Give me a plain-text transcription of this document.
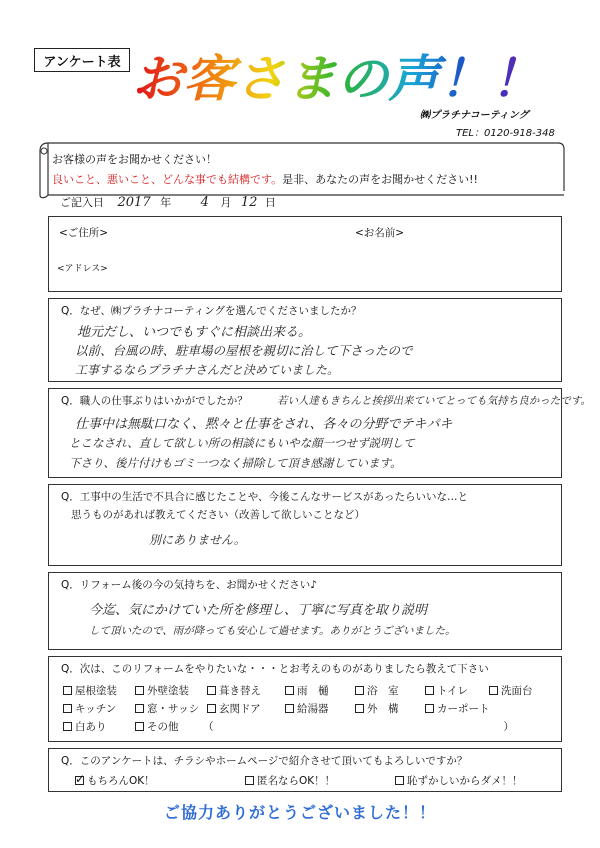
アンケート表 お客さまの声！！
㈱プラチナコーティング
TEL：0120-918-348
お客様の声をお聞かせください！
良いこと、悪いこと、どんな事でも結構です。是非、あなたの声をお聞かせください!!
ご記入日 2017 年 4 月 12 日
<ご住所>	<お名前>
<アドレス>
Q．なぜ、㈱プラチナコーティングを選んでくださいましたか？
地元だし、いつでもすぐに相談出来る。
以前、台風の時、駐車場の屋根を親切に治して下さったので
工事するならプラチナさんだと決めていました。
Q．職人の仕事ぶりはいかがでしたか？	若い人達もきちんと挨拶出来ていてとっても気持ち良かったです。
仕事中は無駄口なく、黙々と仕事をされ、各々の分野でテキパキ
とこなされ、直して欲しい所の相談にもいやな顔一つせず説明して
下さり、後片付けもゴミ一つなく掃除して頂き感謝しています。
Q．工事中の生活で不具合に感じたことや、今後こんなサービスがあったらいいな…と
思うものがあれば教えてください（改善して欲しいことなど）
別にありません。
Q．リフォーム後の今の気持ちを、お聞かせください♪
今迄、気にかけていた所を修理し、丁寧に写真を取り説明
して頂いたので、雨が降っても安心して過せます。ありがとうございました。
Q．次は、このリフォームをやりたいな・・・とお考えのものがありましたら教えて下さい
屋根塗装	外壁塗装	葺き替え	雨　樋	浴　室	トイレ	洗面台
キッチン	窓・サッシ 玄関ドア	給湯器	外　構	カーポート
白あり	その他 （	）
Q．このアンケートは、チラシやホームページで紹介させて頂いてもよろしいですか？
✓
もちろんOK！	匿名ならOK！！	恥ずかしいからダメ！！
ご協力ありがとうございました！！
